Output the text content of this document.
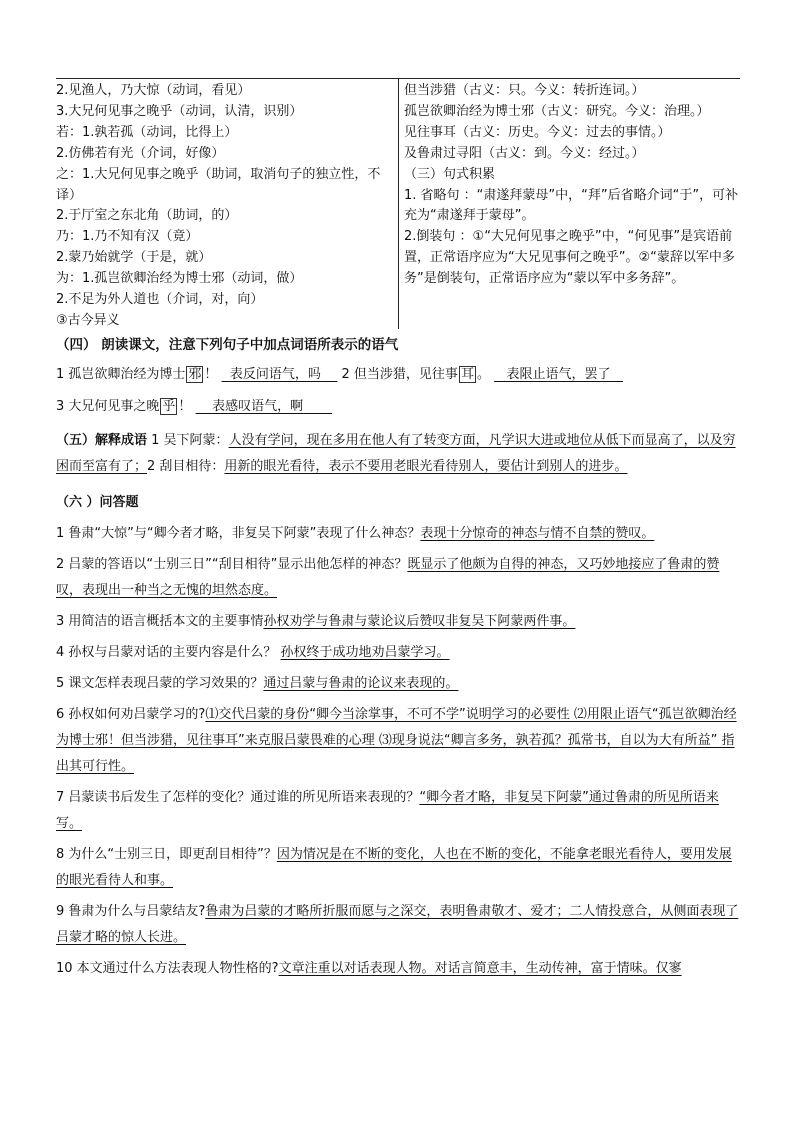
2.见渔人，乃大惊（动词，看见）
3.大兄何见事之晚乎（动词，认清，识别）
若：1.孰若孤（动词，比得上）
2.仿佛若有光（介词，好像）
之：1.大兄何见事之晚乎（助词，取消句子的独立性，不译）
2.于厅室之东北角（助词，的）
乃：1.乃不知有汉（竟）
2.蒙乃始就学（于是，就）
为：1.孤岂欲卿治经为博士邪（动词，做）
2.不足为外人道也（介词，对，向）
③古今异义
但当涉猎（古义：只。今义：转折连词。）
孤岂欲卿治经为博士邪（古义：研究。今义：治理。）
见往事耳（古义：历史。今义：过去的事情。）
及鲁肃过寻阳（古义：到。今义：经过。）
（三）句式积累
1. 省略句 ：“肃遂拜蒙母”中，“拜”后省略介词“于”，可补充为“肃遂拜于蒙母”。
2.倒装句 ：①“大兄何见事之晚乎”中，“何见事”是宾语前置，正常语序应为“大兄见事何之晚乎”。②“蒙辞以军中多务”是倒装句，正常语序应为“蒙以军中多务辞”。
（四） 朗读课文，注意下列句子中加点词语所表示的语气
1 孤岂欲卿治经为博士 邪 ！ 表反问语气，吗 2 但当涉猎，见往事 耳 。 表限止语气，罢了
3 大兄何见事之晚 乎 ！ 表感叹语气，啊
（五）解释成语 1 吴下阿蒙：人没有学问，现在多用在他人有了转变方面，凡学识大进或地位从低下而显高了，以及穷困而至富有了；2 刮目相待：用新的眼光看待，表示不要用老眼光看待别人，要估计到别人的进步。
（六 ）问答题
1 鲁肃“大惊”与“卿今者才略，非复吴下阿蒙”表现了什么神态？表现十分惊奇的神态与情不自禁的赞叹。
2 吕蒙的答语以“士别三日”“刮目相待”显示出他怎样的神态？既显示了他颇为自得的神态，又巧妙地接应了鲁肃的赞叹，表现出一种当之无愧的坦然态度。
3 用简洁的语言概括本文的主要事情孙权劝学与鲁肃与蒙论议后赞叹非复吴下阿蒙两件事。
4 孙权与吕蒙对话的主要内容是什么？ 孙权终于成功地劝吕蒙学习。
5 课文怎样表现吕蒙的学习效果的？通过吕蒙与鲁肃的论议来表现的。
6 孙权如何劝吕蒙学习的?⑴交代吕蒙的身份“卿今当涂掌事，不可不学”说明学习的必要性 ⑵用限止语气“孤岂欲卿治经为博士邪！但当涉猎，见往事耳”来克服吕蒙畏难的心理 ⑶现身说法“卿言多务，孰若孤？孤常书，自以为大有所益” 指出其可行性。
7 吕蒙读书后发生了怎样的变化？通过谁的所见所语来表现的？“卿今者才略，非复吴下阿蒙”通过鲁肃的所见所语来写。
8 为什么“士别三日，即更刮目相待”？因为情况是在不断的变化，人也在不断的变化，不能拿老眼光看待人，要用发展的眼光看待人和事。
9 鲁肃为什么与吕蒙结友?鲁肃为吕蒙的才略所折服而愿与之深交，表明鲁肃敬才、爱才；二人情投意合，从侧面表现了吕蒙才略的惊人长进。
10 本文通过什么方法表现人物性格的?文章注重以对话表现人物。对话言简意丰，生动传神，富于情味。仅寥
